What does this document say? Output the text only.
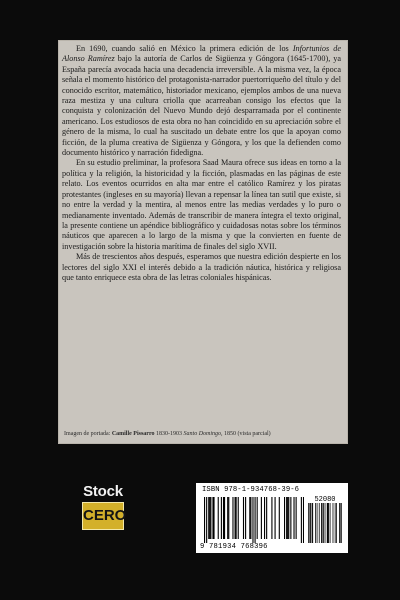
En 1690, cuando salió en México la primera edición de los Infortunios de Alonso Ramírez bajo la autoría de Carlos de Sigüenza y Góngora (1645-1700), ya España parecía avocada hacia una decadencia irreversible. A la misma vez, la época señala el momento histórico del protagonista-narrador puertorriqueño del título y del conocido escritor, matemático, historiador mexicano, ejemplos ambos de una nueva raza mestiza y una cultura criolla que acarreaban consigo los efectos que la conquista y colonización del Nuevo Mundo dejó desparramada por el continente americano. Los estudiosos de esta obra no han coincidido en su apreciación sobre el género de la misma, lo cual ha suscitado un debate entre los que la apoyan como ficción, de la pluma creativa de Sigüenza y Góngora, y los que la defienden como documento histórico y narración fidedigna.

En su estudio preliminar, la profesora Saad Maura ofrece sus ideas en torno a la política y la religión, la historicidad y la ficción, plasmadas en las páginas de este relato. Los eventos ocurridos en alta mar entre el católico Ramírez y los piratas protestantes (ingleses en su mayoría) llevan a repensar la línea tan sutil que existe, si no entre la verdad y la mentira, al menos entre las medias verdades y lo puro o medianamente inventado. Además de transcribir de manera íntegra el texto original, la presente contiene un apéndice bibliográfico y cuidadosas notas sobre los términos náuticos que aparecen a lo largo de la misma y que la convierten en fuente de investigación sobre la historia marítima de finales del siglo XVII.

Más de trescientos años después, esperamos que nuestra edición despierte en los lectores del siglo XXI el interés debido a la tradición náutica, histórica y religiosa que tanto enriquece esta obra de las letras coloniales hispánicas.

Imagen de portada: Camille Pissarro 1830-1903 Santo Domingo, 1850 (vista parcial)
Stock
CERO
ISBN 978-1-934768-39-6
52080
9 781934 768396
